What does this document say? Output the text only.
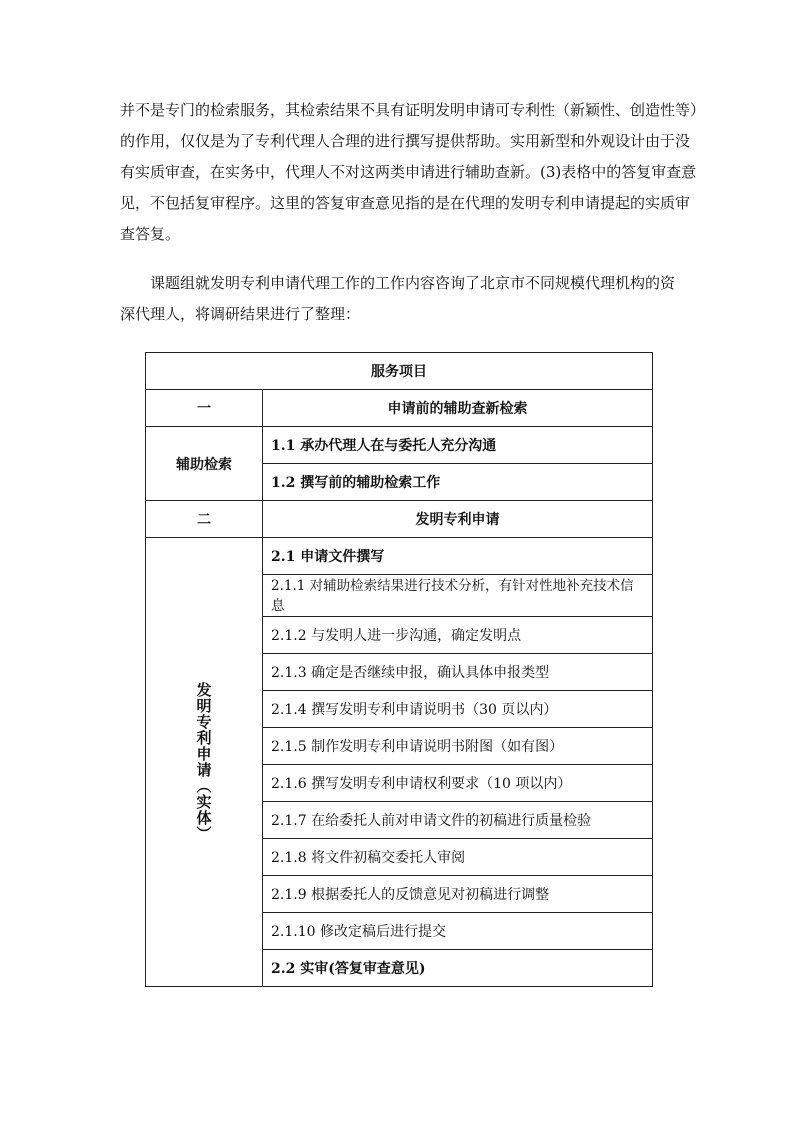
并不是专门的检索服务，其检索结果不具有证明发明申请可专利性（新颖性、创造性等）
的作用，仅仅是为了专利代理人合理的进行撰写提供帮助。实用新型和外观设计由于没
有实质审查，在实务中，代理人不对这两类申请进行辅助查新。(3)表格中的答复审查意
见，不包括复审程序。这里的答复审查意见指的是在代理的发明专利申请提起的实质审
查答复。
课题组就发明专利申请代理工作的工作内容咨询了北京市不同规模代理机构的资
深代理人，将调研结果进行了整理：
服务项目	
一	申请前的辅助查新检索
辅助检索	1.1 承办代理人在与委托人充分沟通
	1.2 撰写前的辅助检索工作
二	发明专利申请

发明专利申请（实体）	2.1 申请文件撰写
	2.1.1 对辅助检索结果进行技术分析，有针对性地补充技术信息
	2.1.2 与发明人进一步沟通，确定发明点
	2.1.3 确定是否继续申报，确认具体申报类型
	2.1.4 撰写发明专利申请说明书（30 页以内）
	2.1.5 制作发明专利申请说明书附图（如有图）
	2.1.6 撰写发明专利申请权利要求（10 项以内）
	2.1.7 在给委托人前对申请文件的初稿进行质量检验
	2.1.8 将文件初稿交委托人审阅
	2.1.9 根据委托人的反馈意见对初稿进行调整
	2.1.10 修改定稿后进行提交
	2.2 实审(答复审查意见)
